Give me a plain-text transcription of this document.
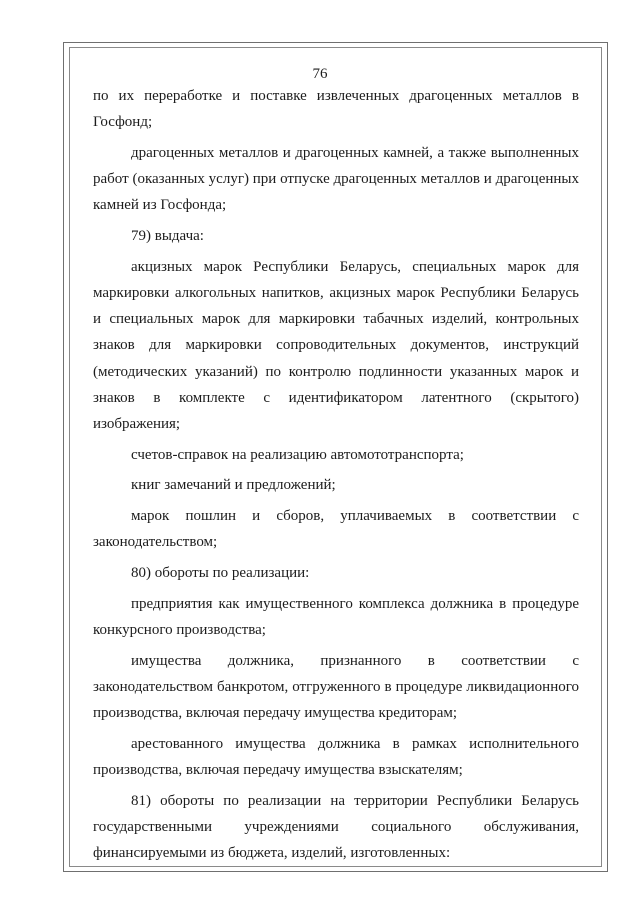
76

по их переработке и поставке извлеченных драгоценных металлов в Госфонд;

драгоценных металлов и драгоценных камней, а также выполненных работ (оказанных услуг) при отпуске драгоценных металлов и драгоценных камней из Госфонда;

79) выдача:

акцизных марок Республики Беларусь, специальных марок для маркировки алкогольных напитков, акцизных марок Республики Беларусь и специальных марок для маркировки табачных изделий, контрольных знаков для маркировки сопроводительных документов, инструкций (методических указаний) по контролю подлинности указанных марок и знаков в комплекте с идентификатором латентного (скрытого) изображения;

счетов-справок на реализацию автомототранспорта;

книг замечаний и предложений;

марок пошлин и сборов, уплачиваемых в соответствии с законодательством;

80) обороты по реализации:

предприятия как имущественного комплекса должника в процедуре конкурсного производства;

имущества должника, признанного в соответствии с законодательством банкротом, отгруженного в процедуре ликвидационного производства, включая передачу имущества кредиторам;

арестованного имущества должника в рамках исполнительного производства, включая передачу имущества взыскателям;

81) обороты по реализации на территории Республики Беларусь государственными учреждениями социального обслуживания, финансируемыми из бюджета, изделий, изготовленных:
